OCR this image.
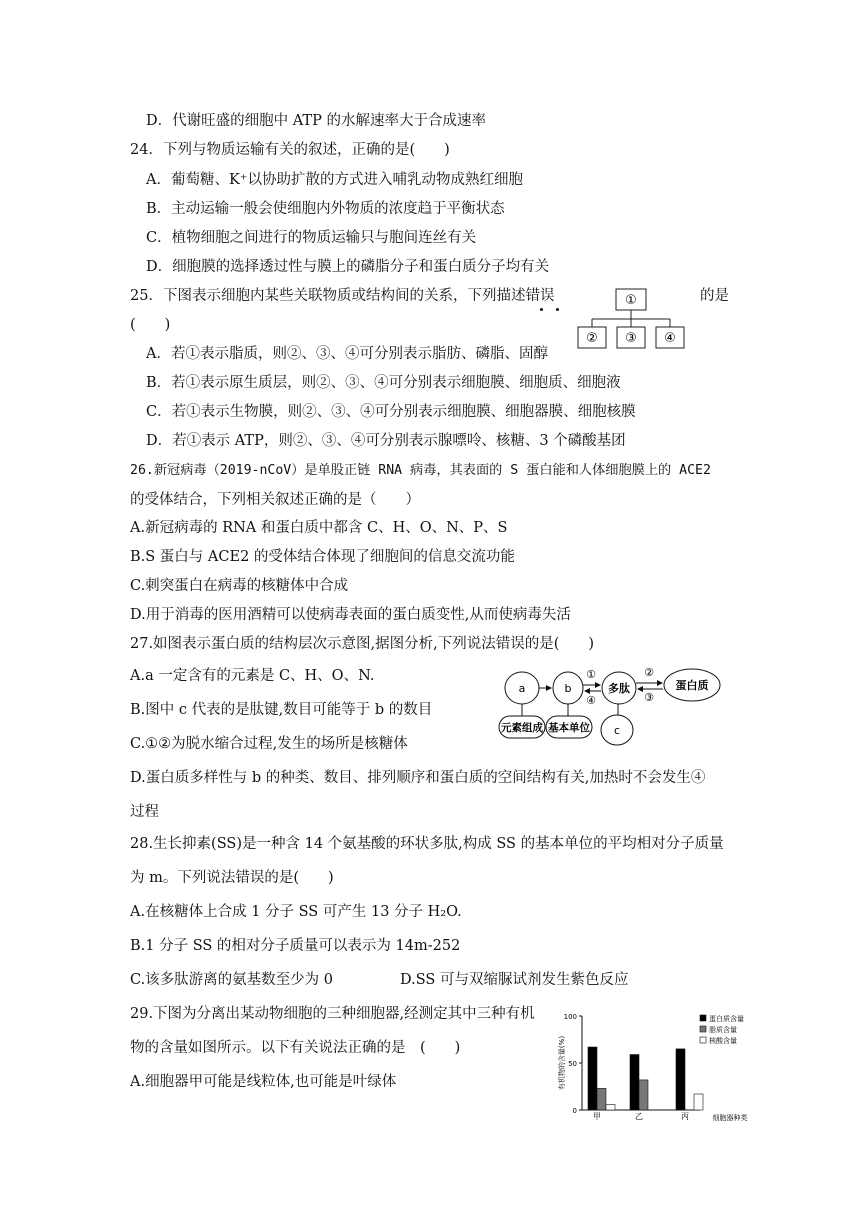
D．代谢旺盛的细胞中 ATP 的水解速率大于合成速率
24．下列与物质运输有关的叙述，正确的是(　　)
A．葡萄糖、K⁺以协助扩散的方式进入哺乳动物成熟红细胞
B．主动运输一般会使细胞内外物质的浓度趋于平衡状态
C．植物细胞之间进行的物质运输只与胞间连丝有关
D．细胞膜的选择透过性与膜上的磷脂分子和蛋白质分子均有关
25．下图表示细胞内某些关联物质或结构间的关系，下列描述错误	的是
(　　)
A．若①表示脂质，则②、③、④可分别表示脂肪、磷脂、固醇
B．若①表示原生质层，则②、③、④可分别表示细胞膜、细胞质、细胞液
C．若①表示生物膜，则②、③、④可分别表示细胞膜、细胞器膜、细胞核膜
D．若①表示 ATP，则②、③、④可分别表示腺嘌呤、核糖、3 个磷酸基团
①
② ③ ④
26.新冠病毒（2019-nCoV）是单股正链 RNA 病毒，其表面的 S 蛋白能和人体细胞膜上的 ACE2
的受体结合，下列相关叙述正确的是（　　）
A.新冠病毒的 RNA 和蛋白质中都含 C、H、O、N、P、S
B.S 蛋白与 ACE2 的受体结合体现了细胞间的信息交流功能
C.刺突蛋白在病毒的核糖体中合成
D.用于消毒的医用酒精可以使病毒表面的蛋白质变性,从而使病毒失活
27.如图表示蛋白质的结构层次示意图,据图分析,下列说法错误的是(　　)
A.a 一定含有的元素是 C、H、O、N.
B.图中 c 代表的是肽键,数目可能等于 b 的数目
C.①②为脱水缩合过程,发生的场所是核糖体
D.蛋白质多样性与 b 的种类、数目、排列顺序和蛋白质的空间结构有关,加热时不会发生④
过程
a	b	多肽	蛋白质
c
①
④
②
③
元素组成 基本单位
28.生长抑素(SS)是一种含 14 个氨基酸的环状多肽,构成 SS 的基本单位的平均相对分子质量
为 m。下列说法错误的是(　　)
A.在核糖体上合成 1 分子 SS 可产生 13 分子 H₂O.
B.1 分子 SS 的相对分子质量可以表示为 14m-252
C.该多肽游离的氨基数至少为 0	D.SS 可与双缩脲试剂发生紫色反应
29.下图为分离出某动物细胞的三种细胞器,经测定其中三种有机
物的含量如图所示。以下有关说法正确的是　(　　)
A.细胞器甲可能是线粒体,也可能是叶绿体
100
50
0
有机物的含量(%)
甲	乙	丙	细胞器种类
蛋白质含量
脂质含量
核酸含量
